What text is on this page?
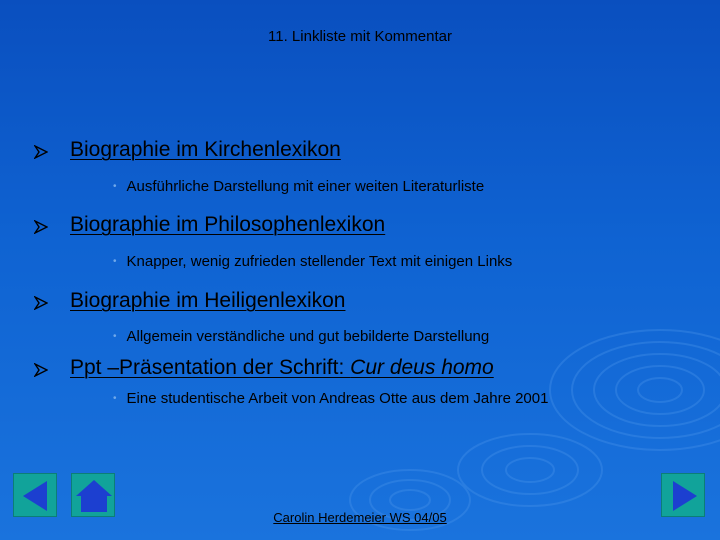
11. Linkliste mit Kommentar
Biographie im Kirchenlexikon
• Ausführliche Darstellung mit einer weiten Literaturliste
Biographie im Philosophenlexikon
• Knapper, wenig zufrieden stellender Text mit einigen Links
Biographie im Heiligenlexikon
• Allgemein verständliche und gut bebilderte Darstellung
Ppt –Präsentation der Schrift: Cur deus homo
• Eine studentische Arbeit von Andreas Otte aus dem Jahre 2001
Carolin Herdemeier WS 04/05
